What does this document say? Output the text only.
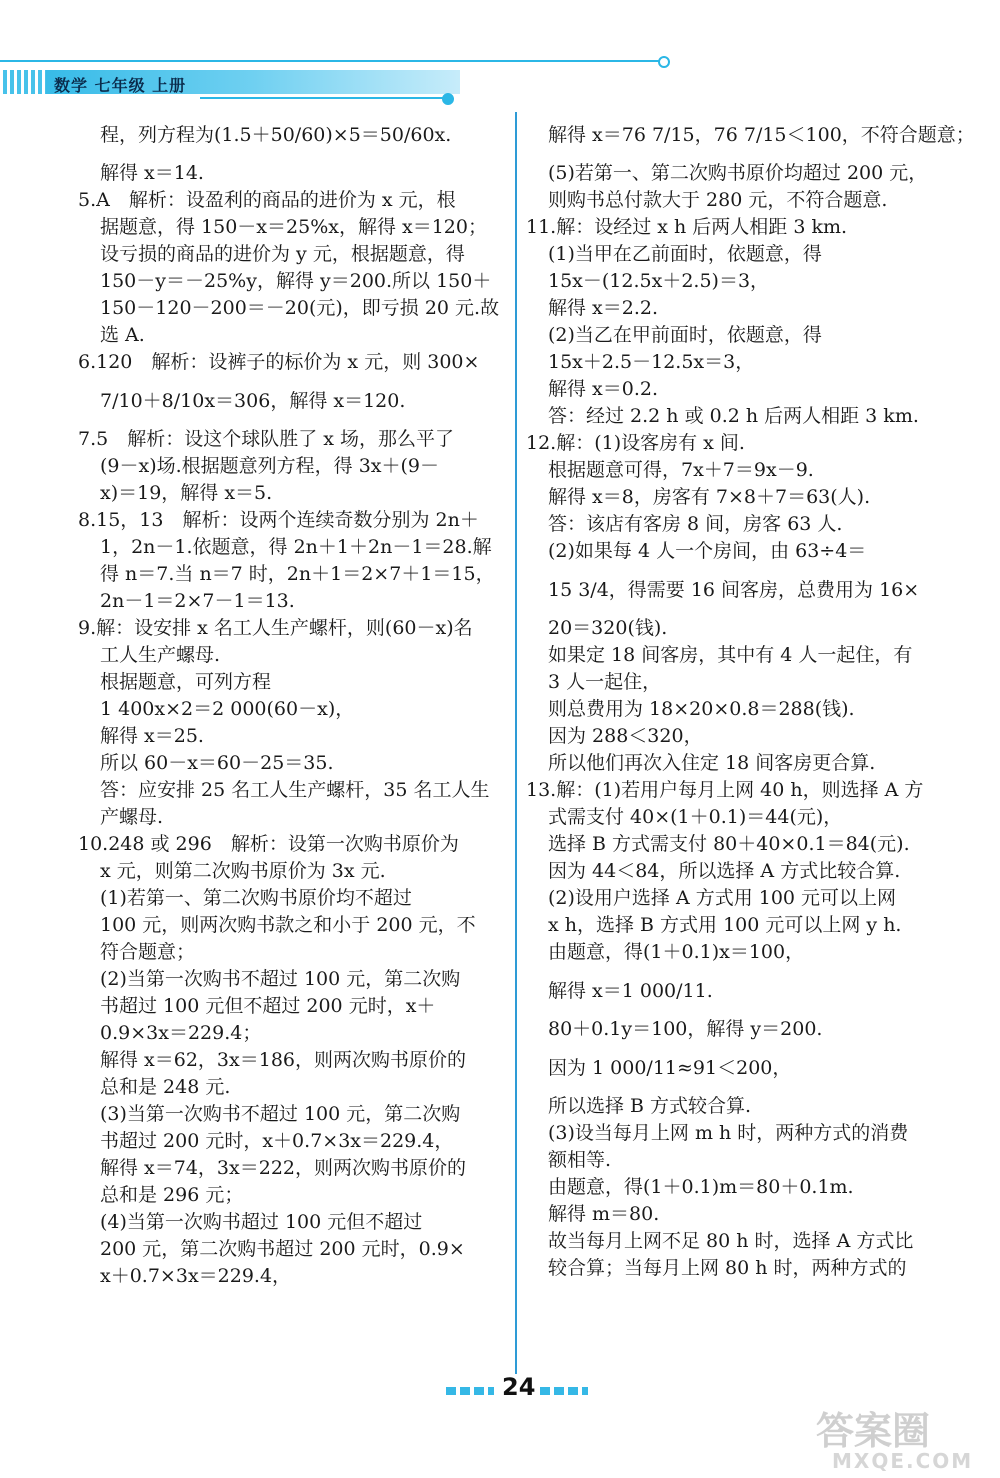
数学 七年级 上册
程，列方程为(1.5＋50/60)×5＝50/60x.
解得 x＝14.
5.A　解析：设盈利的商品的进价为 x 元，根
据题意，得 150－x＝25%x，解得 x＝120；
设亏损的商品的进价为 y 元，根据题意，得
150－y＝－25%y，解得 y＝200.所以 150＋
150－120－200＝－20(元)，即亏损 20 元.故
选 A.
6.120　解析：设裤子的标价为 x 元，则 300×
7/10＋8/10x＝306，解得 x＝120.
7.5　解析：设这个球队胜了 x 场，那么平了
(9－x)场.根据题意列方程，得 3x＋(9－
x)＝19，解得 x＝5.
8.15，13　解析：设两个连续奇数分别为 2n＋
1，2n－1.依题意，得 2n＋1＋2n－1＝28.解
得 n＝7.当 n＝7 时，2n＋1＝2×7＋1＝15，
2n－1＝2×7－1＝13.
9.解：设安排 x 名工人生产螺杆，则(60－x)名
工人生产螺母.
根据题意，可列方程
1 400x×2＝2 000(60－x)，
解得 x＝25.
所以 60－x＝60－25＝35.
答：应安排 25 名工人生产螺杆，35 名工人生
产螺母.
10.248 或 296　解析：设第一次购书原价为
x 元，则第二次购书原价为 3x 元.
(1)若第一、第二次购书原价均不超过
100 元，则两次购书款之和小于 200 元，不
符合题意；
(2)当第一次购书不超过 100 元，第二次购
书超过 100 元但不超过 200 元时，x＋
0.9×3x＝229.4；
解得 x＝62，3x＝186，则两次购书原价的
总和是 248 元.
(3)当第一次购书不超过 100 元，第二次购
书超过 200 元时，x＋0.7×3x＝229.4，
解得 x＝74，3x＝222，则两次购书原价的
总和是 296 元；
(4)当第一次购书超过 100 元但不超过
200 元，第二次购书超过 200 元时，0.9×
x＋0.7×3x＝229.4，
解得 x＝76 7/15，76 7/15＜100，不符合题意；
(5)若第一、第二次购书原价均超过 200 元，
则购书总付款大于 280 元，不符合题意.
11.解：设经过 x h 后两人相距 3 km.
(1)当甲在乙前面时，依题意，得
15x－(12.5x＋2.5)＝3，
解得 x＝2.2.
(2)当乙在甲前面时，依题意，得
15x＋2.5－12.5x＝3，
解得 x＝0.2.
答：经过 2.2 h 或 0.2 h 后两人相距 3 km.
12.解：(1)设客房有 x 间.
根据题意可得，7x＋7＝9x－9.
解得 x＝8，房客有 7×8＋7＝63(人).
答：该店有客房 8 间，房客 63 人.
(2)如果每 4 人一个房间，由 63÷4＝
15 3/4，得需要 16 间客房，总费用为 16×
20＝320(钱).
如果定 18 间客房，其中有 4 人一起住，有
3 人一起住，
则总费用为 18×20×0.8＝288(钱).
因为 288＜320，
所以他们再次入住定 18 间客房更合算.
13.解：(1)若用户每月上网 40 h，则选择 A 方
式需支付 40×(1＋0.1)＝44(元)，
选择 B 方式需支付 80＋40×0.1＝84(元).
因为 44＜84，所以选择 A 方式比较合算.
(2)设用户选择 A 方式用 100 元可以上网
x h，选择 B 方式用 100 元可以上网 y h.
由题意，得(1＋0.1)x＝100，
解得 x＝1 000/11.
80＋0.1y＝100，解得 y＝200.
因为 1 000/11≈91＜200，
所以选择 B 方式较合算.
(3)设当每月上网 m h 时，两种方式的消费
额相等.
由题意，得(1＋0.1)m＝80＋0.1m.
解得 m＝80.
故当每月上网不足 80 h 时，选择 A 方式比
较合算；当每月上网 80 h 时，两种方式的
24
答案圈
MXQE.COM
